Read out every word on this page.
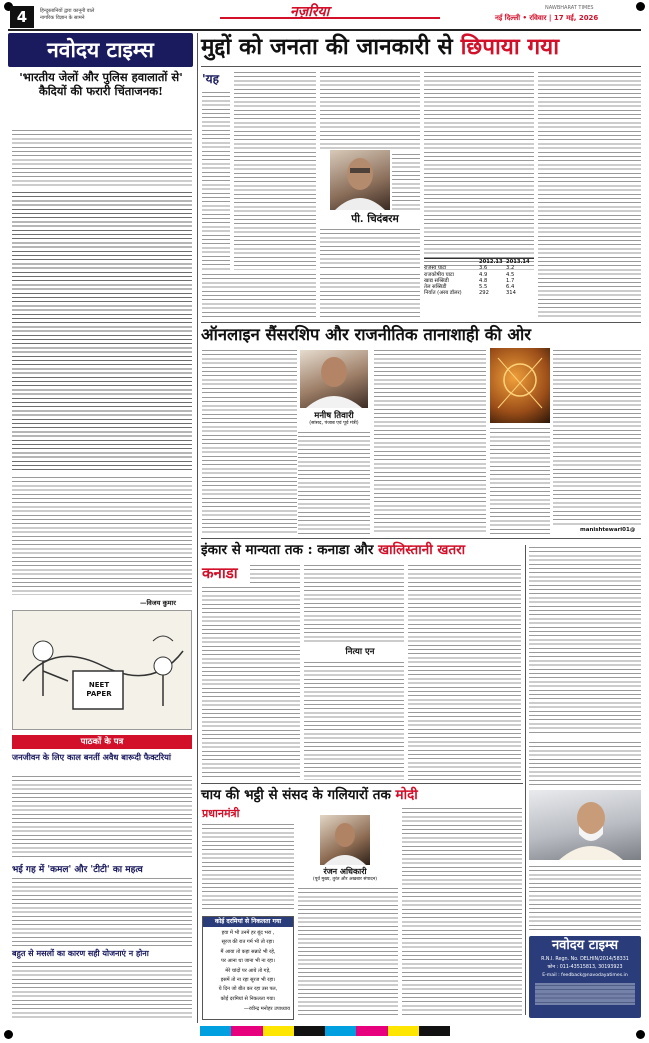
4	हिन्दुस्तानियों द्वारा कानूनी वाले
नागरिक विज्ञान के सामने	नज़रिया	NAWBHARAT TIMES
नई दिल्ली • रविवार | 17 मई, 2026
नवोदय टाइम्स
'भारतीय जेलों और पुलिस हवालातों से' कैदियों की फरारी चिंताजनक!
—विजय कुमार
NEET PAPER
पाठकों के पत्र
जनजीवन के लिए काल बनतीं अवैध बारूदी फैक्टरियां
भई गह में 'कमल' और 'टीटी' का महत्व
बहुत से मसलों का कारण सही योजनाएं न होना
मुद्दों को जनता की जानकारी से छिपाया गया
'यह
पी. चिदंबरम
2012.13 2013.14
राजस्व घाटा	3.6	3.2
राजकोषीय घाटा	4.9	4.5
खाद्य सब्सिडी	4.8	1.7
तेल सब्सिडी	5.5	6.4
निर्यात (अरब डॉलर)	292	314
ऑनलाइन सैंसरशिप और राजनीतिक तानाशाही की ओर
मनीष तिवारी
(सांसद, पंजाब एवं पूर्व मंत्री)
manishtewari01@
इंकार से मान्यता तक : कनाडा और खालिस्तानी खतरा
कनाडा
नित्या एन
चाय की भट्ठी से संसद के गलियारों तक मोदी
प्रधानमंत्री
रंजन अधिकारी
(पूर्व मुख्य, तुरंत और अखबार संपादन)
कोई दरमियां से निकलता गया
हवा में भी उनमें हर बूंद भरा ,
सूरज की रात गर्म भी तो रहा।
मैं आया तो कहा सन्नाटे भी रहे,
पर आना था जाना भी ना रहा।
मेरे चांदों पर आये तो गड़े,
इसमें तो ना रहा सूरज भी रहा।
ये दिन जो बीत कर रहा उस पल,
कोई दरमियां से निकलता गया।
—रवीन्द्र मनोहर उपाध्याय
नवोदय टाइम्स
R.N.I. Regn. No. DELHIN/2014/58331
फ़ोन : 011-43515813, 30193923
E-mail : feedback@navodayatimes.in
